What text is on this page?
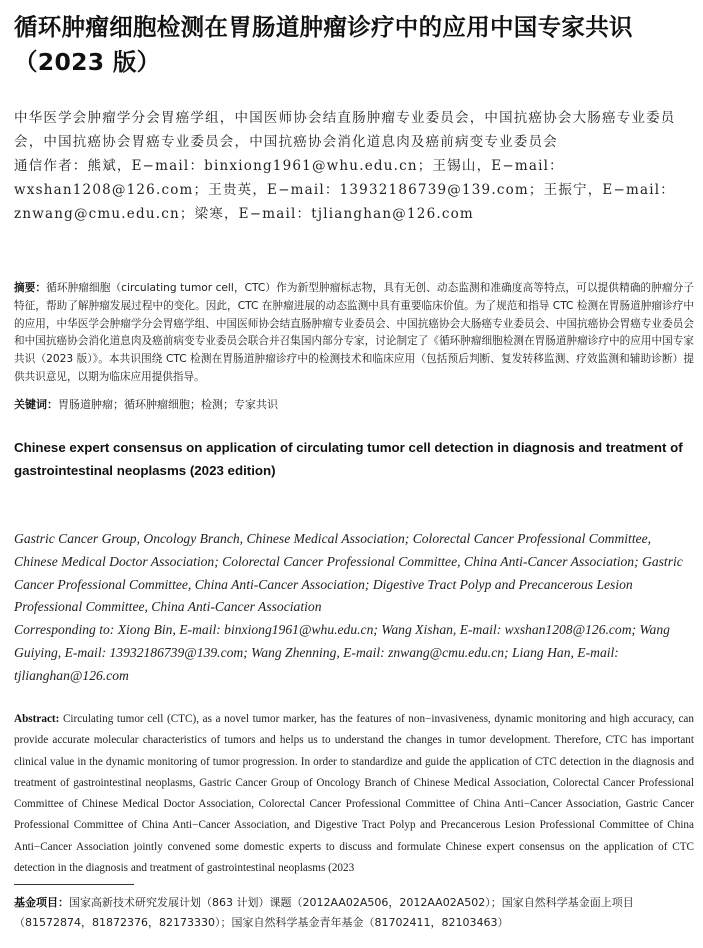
循环肿瘤细胞检测在胃肠道肿瘤诊疗中的应用中国专家共识（2023 版）
中华医学会肿瘤学分会胃癌学组，中国医师协会结直肠肿瘤专业委员会，中国抗癌协会大肠癌专业委员会，中国抗癌协会胃癌专业委员会，中国抗癌协会消化道息肉及癌前病变专业委员会
通信作者：熊斌，E−mail：binxiong1961@whu.edu.cn；王锡山，E−mail：wxshan1208@126.com；王贵英，E−mail：13932186739@139.com；王振宁，E−mail：znwang@cmu.edu.cn；梁寒，E−mail：tjlianghan@126.com
摘要：循环肿瘤细胞（circulating tumor cell，CTC）作为新型肿瘤标志物，具有无创、动态监测和准确度高等特点，可以提供精确的肿瘤分子特征，帮助了解肿瘤发展过程中的变化。因此，CTC 在肿瘤进展的动态监测中具有重要临床价值。为了规范和指导 CTC 检测在胃肠道肿瘤诊疗中的应用，中华医学会肿瘤学分会胃癌学组、中国医师协会结直肠肿瘤专业委员会、中国抗癌协会大肠癌专业委员会、中国抗癌协会胃癌专业委员会和中国抗癌协会消化道息肉及癌前病变专业委员会联合并召集国内部分专家，讨论制定了《循环肿瘤细胞检测在胃肠道肿瘤诊疗中的应用中国专家共识（2023 版）》。本共识围绕 CTC 检测在胃肠道肿瘤诊疗中的检测技术和临床应用（包括预后判断、复发转移监测、疗效监测和辅助诊断）提供共识意见，以期为临床应用提供指导。
关键词：胃肠道肿瘤；循环肿瘤细胞；检测；专家共识
Chinese expert consensus on application of circulating tumor cell detection in diagnosis and treatment of gastrointestinal neoplasms (2023 edition)
Gastric Cancer Group, Oncology Branch, Chinese Medical Association; Colorectal Cancer Professional Committee, Chinese Medical Doctor Association; Colorectal Cancer Professional Committee, China Anti-Cancer Association; Gastric Cancer Professional Committee, China Anti-Cancer Association; Digestive Tract Polyp and Precancerous Lesion Professional Committee, China Anti-Cancer Association
Corresponding to: Xiong Bin, E-mail: binxiong1961@whu.edu.cn; Wang Xishan, E-mail: wxshan1208@126.com; Wang Guiying, E-mail: 13932186739@139.com; Wang Zhenning, E-mail: znwang@cmu.edu.cn; Liang Han, E-mail: tjlianghan@126.com
Abstract: Circulating tumor cell (CTC), as a novel tumor marker, has the features of non−invasiveness, dynamic monitoring and high accuracy, can provide accurate molecular characteristics of tumors and helps us to understand the changes in tumor development. Therefore, CTC has important clinical value in the dynamic monitoring of tumor progression. In order to standardize and guide the application of CTC detection in the diagnosis and treatment of gastrointestinal neoplasms, Gastric Cancer Group of Oncology Branch of Chinese Medical Association, Colorectal Cancer Professional Committee of Chinese Medical Doctor Association, Colorectal Cancer Professional Committee of China Anti−Cancer Association, Gastric Cancer Professional Committee of China Anti−Cancer Association, and Digestive Tract Polyp and Precancerous Lesion Professional Committee of China Anti−Cancer Association jointly convened some domestic experts to discuss and formulate Chinese expert consensus on the application of CTC detection in the diagnosis and treatment of gastrointestinal neoplasms (2023
基金项目：国家高新技术研究发展计划（863 计划）课题（2012AA02A506，2012AA02A502）；国家自然科学基金面上项目（81572874，81872376，82173330）；国家自然科学基金青年基金（81702411，82103463）
